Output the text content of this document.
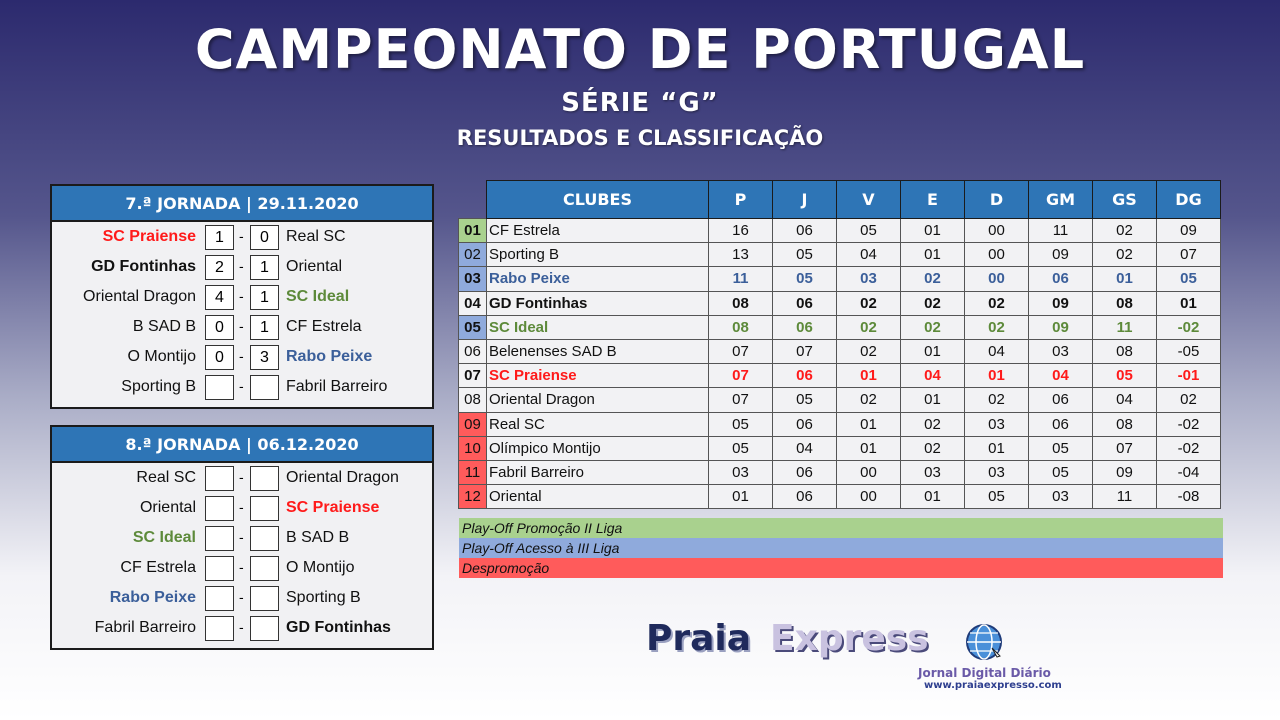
CAMPEONATO DE PORTUGAL
SÉRIE “G”
RESULTADOS E CLASSIFICAÇÃO
7.ª JORNADA | 29.11.2020
SC Praiense	1	-	0	Real SC
GD Fontinhas	2	-	1	Oriental
Oriental Dragon	4	-	1	SC Ideal
B SAD B	0	-	1	CF Estrela
O Montijo	0	-	3	Rabo Peixe
Sporting B	-	Fabril Barreiro
8.ª JORNADA | 06.12.2020
Real SC	-	Oriental Dragon
Oriental	-	SC Praiense
SC Ideal	-	B SAD B
CF Estrela	-	O Montijo
Rabo Peixe	-	Sporting B
Fabril Barreiro	-	GD Fontinhas
	CLUBES	P	J	V	E	D	GM	GS	DG
01	CF Estrela	16	06	05	01	00	11	02	09
02	Sporting B	13	05	04	01	00	09	02	07
03	Rabo Peixe	11	05	03	02	00	06	01	05
04	GD Fontinhas	08	06	02	02	02	09	08	01
05	SC Ideal	08	06	02	02	02	09	11	-02
06	Belenenses SAD B	07	07	02	01	04	03	08	-05
07	SC Praiense	07	06	01	04	01	04	05	-01
08	Oriental Dragon	07	05	02	01	02	06	04	02
09	Real SC	05	06	01	02	03	06	08	-02
10	Olímpico Montijo	05	04	01	02	01	05	07	-02
11	Fabril Barreiro	03	06	00	03	03	05	09	-04
12	Oriental	01	06	00	01	05	03	11	-08
Play-Off Promoção II Liga
Play-Off Acesso à III Liga
Despromoção
Praia Express
Jornal Digital Diário
www.praiaexpresso.com
